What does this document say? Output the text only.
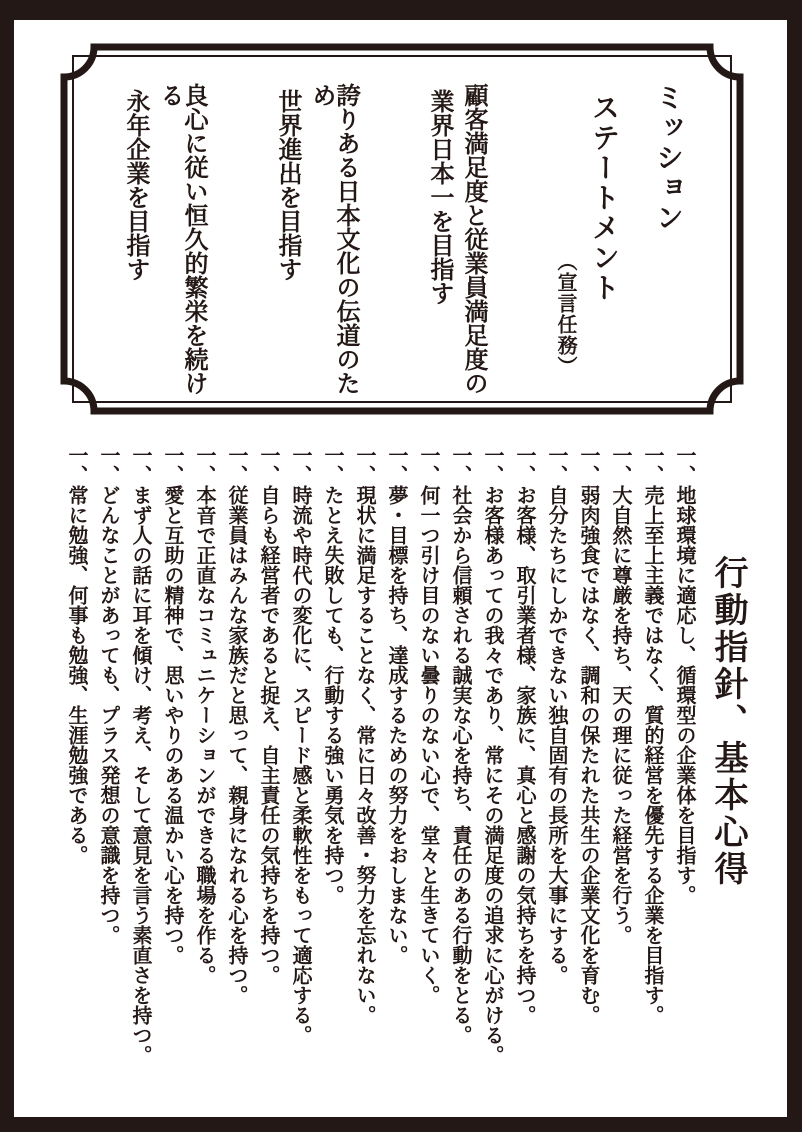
ミッション
ステートメント
（宣言任務）
顧客満足度と従業員満足度の
業界日本一を目指す
誇りある日本文化の伝道のため
世界進出を目指す
良心に従い恒久的繁栄を続ける
永年企業を目指す
行動指針、基本心得
一、地球環境に適応し、循環型の企業体を目指す。
一、売上至上主義ではなく、質的経営を優先する企業を目指す。
一、大自然に尊厳を持ち、天の理に従った経営を行う。
一、弱肉強食ではなく、調和の保たれた共生の企業文化を育む。
一、自分たちにしかできない独自固有の長所を大事にする。
一、お客様、取引業者様、家族に、真心と感謝の気持ちを持つ。
一、お客様あっての我々であり、常にその満足度の追求に心がける。
一、社会から信頼される誠実な心を持ち、責任のある行動をとる。
一、何一つ引け目のない曇りのない心で、堂々と生きていく。
一、夢・目標を持ち、達成するための努力をおしまない。
一、現状に満足することなく、常に日々改善・努力を忘れない。
一、たとえ失敗しても、行動する強い勇気を持つ。
一、時流や時代の変化に、スピード感と柔軟性をもって適応する。
一、自らも経営者であると捉え、自主責任の気持ちを持つ。
一、従業員はみんな家族だと思って、親身になれる心を持つ。
一、本音で正直なコミュニケーションができる職場を作る。
一、愛と互助の精神で、思いやりのある温かい心を持つ。
一、まず人の話に耳を傾け、考え、そして意見を言う素直さを持つ。
一、どんなことがあっても、プラス発想の意識を持つ。
一、常に勉強、何事も勉強、生涯勉強である。
